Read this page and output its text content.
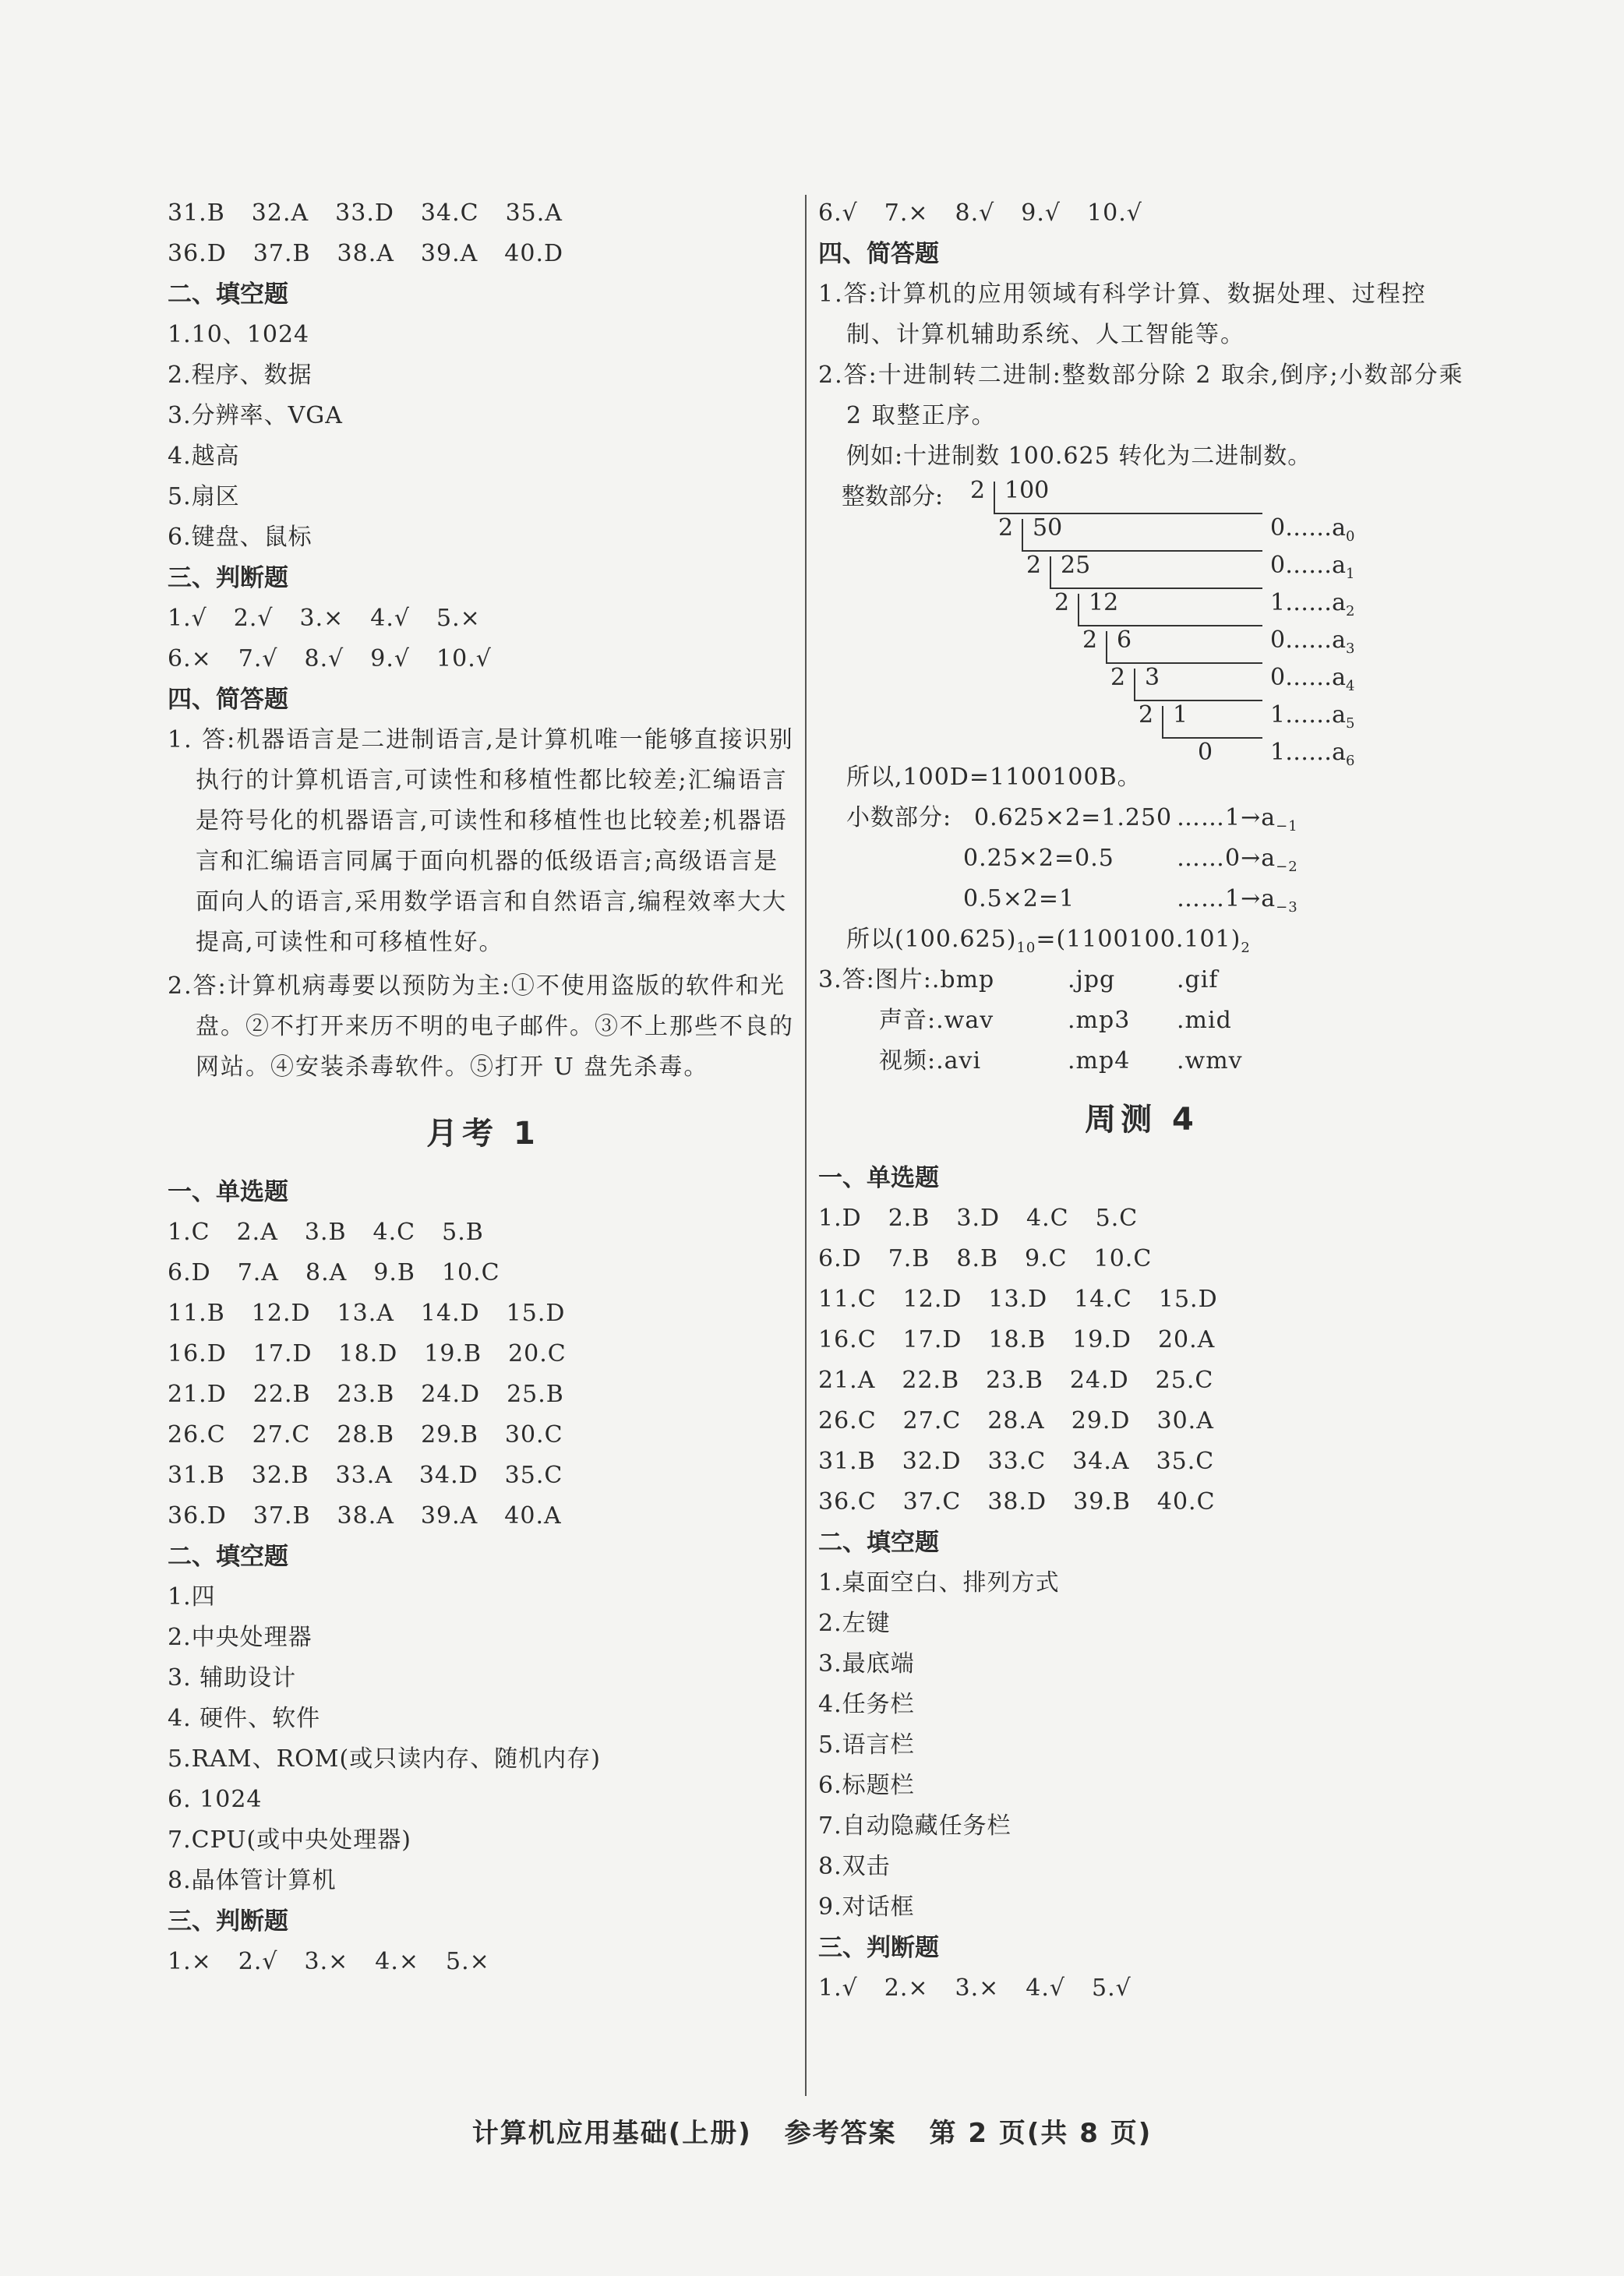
31.B 32.A 33.D 34.C 35.A
36.D 37.B 38.A 39.A 40.D
二、填空题
1.10、1024
2.程序、数据
3.分辨率、VGA
4.越高
5.扇区
6.键盘、鼠标
三、判断题
1.√ 2.√ 3.× 4.√ 5.×
6.× 7.√ 8.√ 9.√ 10.√
四、简答题
1. 答:机器语言是二进制语言,是计算机唯一能够直接识别执行的计算机语言,可读性和移植性都比较差;汇编语言是符号化的机器语言,可读性和移植性也比较差;机器语言和汇编语言同属于面向机器的低级语言;高级语言是面向人的语言,采用数学语言和自然语言,编程效率大大提高,可读性和可移植性好。
2.答:计算机病毒要以预防为主:①不使用盗版的软件和光盘。②不打开来历不明的电子邮件。③不上那些不良的网站。④安装杀毒软件。⑤打开 U 盘先杀毒。
月考 1
一、单选题
1.C 2.A 3.B 4.C 5.B
6.D 7.A 8.A 9.B 10.C
11.B 12.D 13.A 14.D 15.D
16.D 17.D 18.D 19.B 20.C
21.D 22.B 23.B 24.D 25.B
26.C 27.C 28.B 29.B 30.C
31.B 32.B 33.A 34.D 35.C
36.D 37.B 38.A 39.A 40.A
二、填空题
1.四
2.中央处理器
3. 辅助设计
4. 硬件、软件
5.RAM、ROM(或只读内存、随机内存)
6. 1024
7.CPU(或中央处理器)
8.晶体管计算机
三、判断题
1.× 2.√ 3.× 4.× 5.×
6.√ 7.× 8.√ 9.√ 10.√
四、简答题
1.答:计算机的应用领域有科学计算、数据处理、过程控制、计算机辅助系统、人工智能等。
2.答:十进制转二进制:整数部分除 2 取余,倒序;小数部分乘 2 取整正序。
例如:十进制数 100.625 转化为二进制数。
整数部分: 2 100
2 50	$0\dots\dots a_0$
2 25	$0\dots\dots a_1$
2 12	$1\dots\dots a_2$
2 6	$0\dots\dots a_3$
2 3	$0\dots\dots a_4$
2 1	$1\dots\dots a_5$
0 $1\dots\dots a_6$
所以,100D=1100100B。
小数部分: 0.625×2=1.250 $\dots\dots 1\to a_{-1}$
0.25×2=0.5	$\dots\dots 0\to a_{-2}$
0.5×2=1	$\dots\dots 1\to a_{-3}$
所以$(100.625)_{10}=(1100100.101)_2$
3.答:图片:.bmp	.jpg	.gif
声音:.wav	.mp3 .mid
视频:.avi	.mp4 .wmv
周测 4
一、单选题
1.D 2.B 3.D 4.C 5.C
6.D 7.B 8.B 9.C 10.C
11.C 12.D 13.D 14.C 15.D
16.C 17.D 18.B 19.D 20.A
21.A 22.B 23.B 24.D 25.C
26.C 27.C 28.A 29.D 30.A
31.B 32.D 33.C 34.A 35.C
36.C 37.C 38.D 39.B 40.C
二、填空题
1.桌面空白、排列方式
2.左键
3.最底端
4.任务栏
5.语言栏
6.标题栏
7.自动隐藏任务栏
8.双击
9.对话框
三、判断题
1.√ 2.× 3.× 4.√ 5.√
计算机应用基础(上册) 参考答案 第 2 页(共 8 页)
